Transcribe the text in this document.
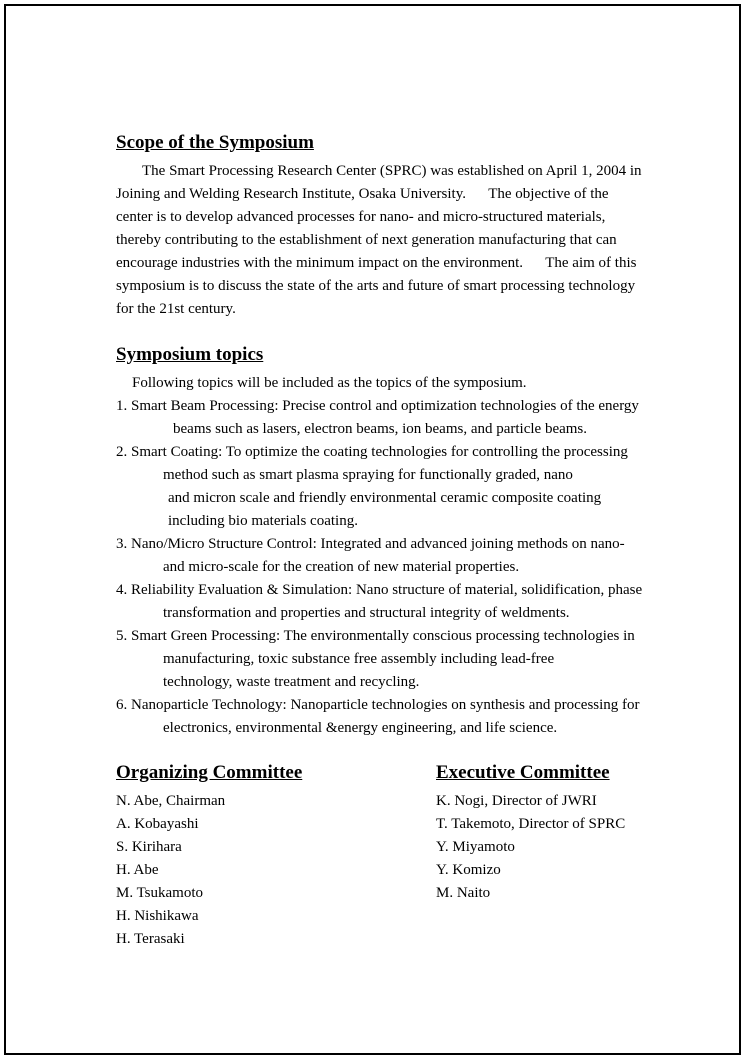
Scope of the Symposium
The Smart Processing Research Center (SPRC) was established on April 1, 2004 in
Joining and Welding Research Institute, Osaka University.      The objective of the
center is to develop advanced processes for nano- and micro-structured materials,
thereby contributing to the establishment of next generation manufacturing that can
encourage industries with the minimum impact on the environment.      The aim of this
symposium is to discuss the state of the arts and future of smart processing technology
for the 21st century.
Symposium topics
Following topics will be included as the topics of the symposium.
1. Smart Beam Processing: Precise control and optimization technologies of the energy
beams such as lasers, electron beams, ion beams, and particle beams.
2. Smart Coating: To optimize the coating technologies for controlling the processing
method such as smart plasma spraying for functionally graded, nano
and micron scale and friendly environmental ceramic composite coating
including bio materials coating.
3. Nano/Micro Structure Control: Integrated and advanced joining methods on nano-
and micro-scale for the creation of new material properties.
4. Reliability Evaluation & Simulation: Nano structure of material, solidification, phase
transformation and properties and structural integrity of weldments.
5. Smart Green Processing: The environmentally conscious processing technologies in
manufacturing, toxic substance free assembly including lead-free
technology, waste treatment and recycling.
6. Nanoparticle Technology: Nanoparticle technologies on synthesis and processing for
electronics, environmental &energy engineering, and life science.
Organizing Committee
N. Abe, Chairman
A. Kobayashi
S. Kirihara
H. Abe
M. Tsukamoto
H. Nishikawa
H. Terasaki
Executive Committee
K. Nogi, Director of JWRI
T. Takemoto, Director of SPRC
Y. Miyamoto
Y. Komizo
M. Naito
